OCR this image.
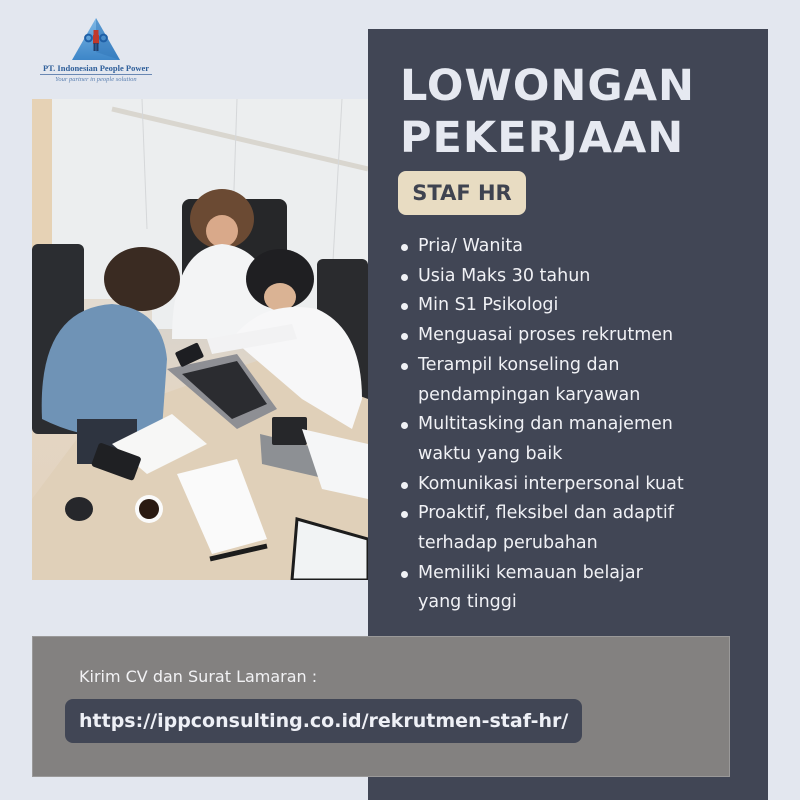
PT. Indonesian People Power
Your partner in people solution	LOWONGAN
PEKERJAAN
STAF HR
Pria/ Wanita
Usia Maks 30 tahun
Min S1 Psikologi
Menguasai proses rekrutmen
Terampil konseling dan
pendampingan karyawan
Multitasking dan manajemen
waktu yang baik
Komunikasi interpersonal kuat
Proaktif, fleksibel dan adaptif
terhadap perubahan
Memiliki kemauan belajar
yang tinggi
Kirim CV dan Surat Lamaran :
https://ippconsulting.co.id/rekrutmen-staf-hr/
